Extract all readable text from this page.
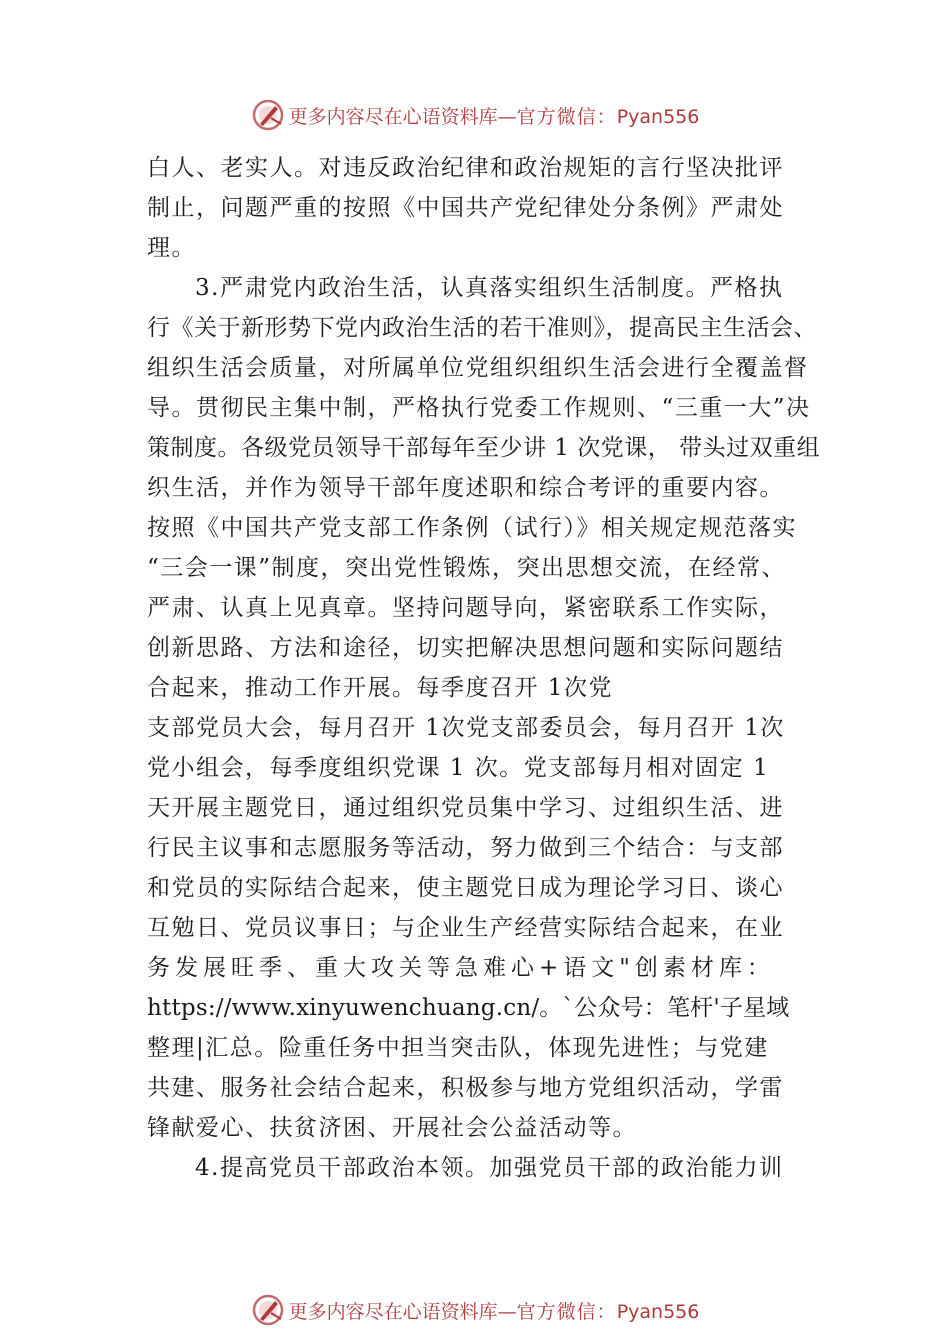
更多内容尽在心语资料库—官方微信：Pyan556
白人、老实人。对违反政治纪律和政治规矩的言行坚决批评
制止，问题严重的按照《中国共产党纪律处分条例》严肃处
理。
3.严肃党内政治生活，认真落实组织生活制度。严格执
行《关于新形势下党内政治生活的若干准则》，提高民主生活会、
组织生活会质量，对所属单位党组织组织生活会进行全覆盖督
导。贯彻民主集中制，严格执行党委工作规则、“三重一大”决
策制度。各级党员领导干部每年至少讲 1 次党课， 带头过双重组
织生活，并作为领导干部年度述职和综合考评的重要内容。
按照《中国共产党支部工作条例（试行）》相关规定规范落实
“三会一课”制度，突出党性锻炼，突出思想交流，在经常、
严肃、认真上见真章。坚持问题导向，紧密联系工作实际，
创新思路、方法和途径，切实把解决思想问题和实际问题结
合起来，推动工作开展。每季度召开 1次党
支部党员大会，每月召开 1次党支部委员会，每月召开 1次
党小组会，每季度组织党课 1 次。党支部每月相对固定 1
天开展主题党日，通过组织党员集中学习、过组织生活、进
行民主议事和志愿服务等活动，努力做到三个结合：与支部
和党员的实际结合起来，使主题党日成为理论学习日、谈心
互勉日、党员议事日；与企业生产经营实际结合起来，在业
务发展旺季、重大攻关等急难心+语文"创素材库：
https://www.xinyuwenchuang.cn/。`公众号：笔杆'子星域
整理|汇总。险重任务中担当突击队，体现先进性；与党建
共建、服务社会结合起来，积极参与地方党组织活动，学雷
锋献爱心、扶贫济困、开展社会公益活动等。
4.提高党员干部政治本领。加强党员干部的政治能力训
更多内容尽在心语资料库—官方微信：Pyan556
